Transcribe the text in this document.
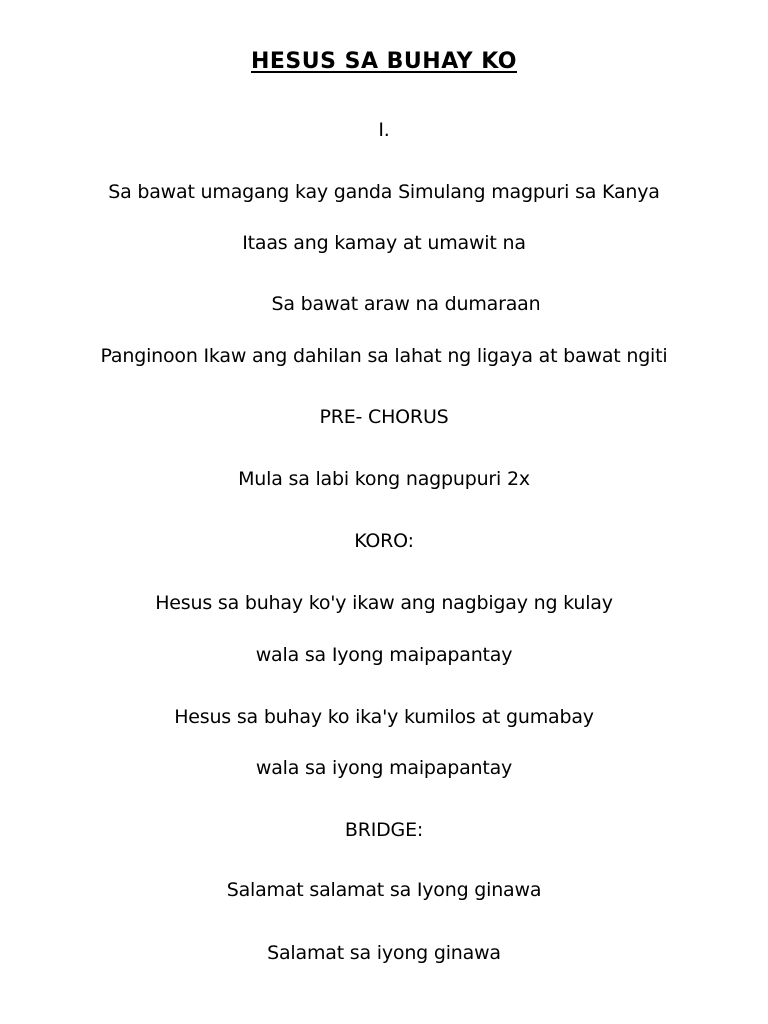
HESUS SA BUHAY KO
I.
Sa bawat umagang kay ganda Simulang magpuri sa Kanya
Itaas ang kamay at umawit na
Sa bawat araw na dumaraan
Panginoon Ikaw ang dahilan sa lahat ng ligaya at bawat ngiti
PRE- CHORUS
Mula sa labi kong nagpupuri 2x
KORO:
Hesus sa buhay ko'y ikaw ang nagbigay ng kulay
wala sa Iyong maipapantay
Hesus sa buhay ko ika'y kumilos at gumabay
wala sa iyong maipapantay
BRIDGE:
Salamat salamat sa Iyong ginawa
Salamat sa iyong ginawa
